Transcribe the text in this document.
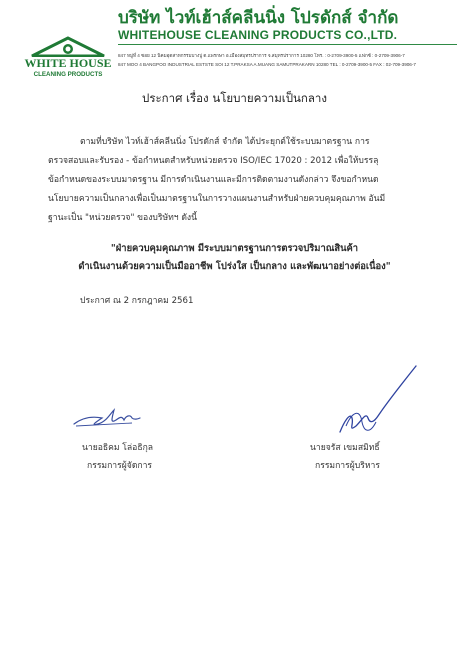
WHITE HOUSE
CLEANING PRODUCTS
บริษัท ไวท์เฮ้าส์คลีนนิ่ง โปรดักส์ จำกัด
WHITEHOUSE CLEANING PRODUCTS CO.,LTD.
847 หมู่ที่ 4 ซอย 12 นิคมอุตสาหกรรมบางปู ต.แพรกษา อ.เมืองสมุทรปราการ จ.สมุทรปราการ 10280 โทร. : 0-2709-3900-5 แฟกซ์ : 0-2709-3906-7
847 MOO 4 BANGPOO INDUSTRIAL ESTSTE SOI 12 T.PRAKSA A.MUANG SAMUTPRAKARN 10280 TEL : 0-2709-3900-5 FAX : 02-709-3906-7
ประกาศ เรื่อง นโยบายความเป็นกลาง
ตามที่บริษัท ไวท์เฮ้าส์คลีนนิ่ง โปรดักส์ จำกัด ได้ประยุกต์ใช้ระบบมาตรฐาน การ
ตรวจสอบและรับรอง - ข้อกำหนดสำหรับหน่วยตรวจ ISO/IEC 17020 : 2012 เพื่อให้บรรลุ
ข้อกำหนดของระบบมาตรฐาน มีการดำเนินงานและมีการติดตามงานดังกล่าว จึงขอกำหนด
นโยบายความเป็นกลางเพื่อเป็นมาตรฐานในการวางแผนงานสำหรับฝ่ายควบคุมคุณภาพ อันมี
ฐานะเป็น "หน่วยตรวจ" ของบริษัทฯ ดังนี้
"ฝ่ายควบคุมคุณภาพ มีระบบมาตรฐานการตรวจปริมาณสินค้า
ดำเนินงานด้วยความเป็นมืออาชีพ โปร่งใส เป็นกลาง และพัฒนาอย่างต่อเนื่อง"
ประกาศ ณ 2 กรกฎาคม 2561
นายอธิคม โล่อธิกุล
กรรมการผู้จัดการ
นายจรัส เขมสมิทธิ์
กรรมการผู้บริหาร
